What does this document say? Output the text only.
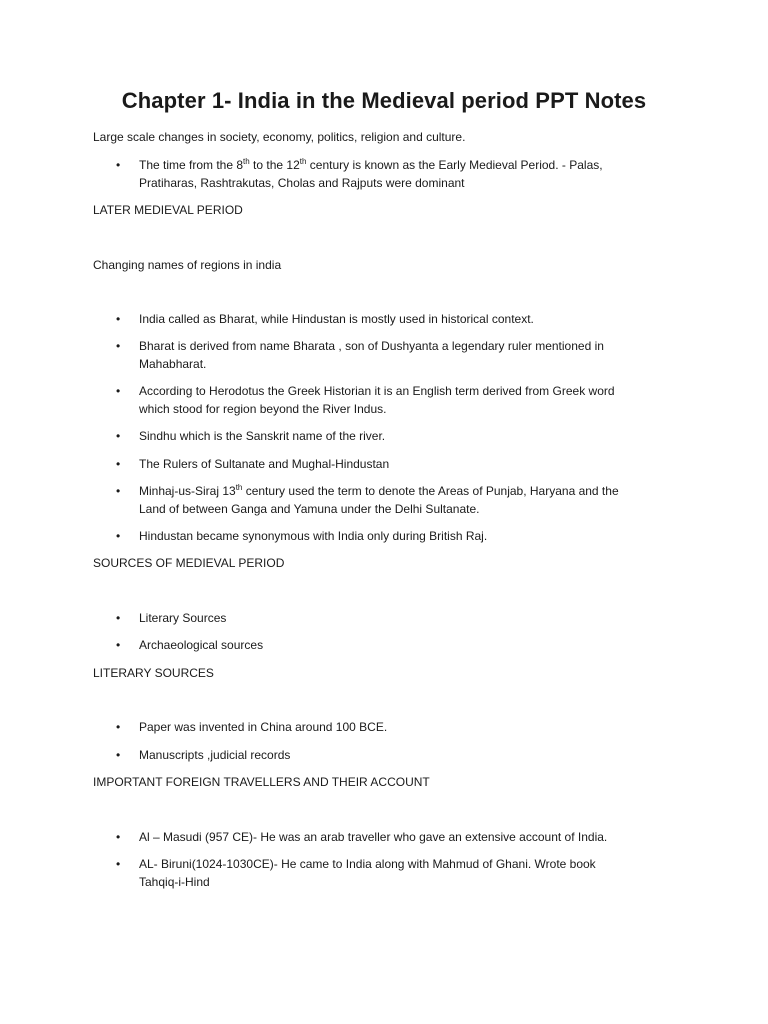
Chapter 1- India in the Medieval period PPT Notes

Large scale changes in society, economy, politics, religion and culture.

•	The time from the 8th to the 12th century is known as the Early Medieval Period. - Palas,
Pratiharas, Rashtrakutas, Cholas and Rajputs were dominant

LATER MEDIEVAL PERIOD

Changing names of regions in india

•	India called as Bharat, while Hindustan is mostly used in historical context.
•	Bharat is derived from name Bharata , son of Dushyanta a legendary ruler mentioned in
Mahabharat.
•	According to Herodotus the Greek Historian it is an English term derived from Greek word
which stood for region beyond the River Indus.
•	Sindhu which is the Sanskrit name of the river.
•	The Rulers of Sultanate and Mughal-Hindustan
•	Minhaj-us-Siraj 13th century used the term to denote the Areas of Punjab, Haryana and the
Land of between Ganga and Yamuna under the Delhi Sultanate.
•	Hindustan became synonymous with India only during British Raj.

SOURCES OF MEDIEVAL PERIOD

•	Literary Sources
•	Archaeological sources

LITERARY SOURCES

•	Paper was invented in China around 100 BCE.
•	Manuscripts ,judicial records

IMPORTANT FOREIGN TRAVELLERS AND THEIR ACCOUNT

•	Al – Masudi (957 CE)- He was an arab traveller who gave an extensive account of India.
•	AL- Biruni(1024-1030CE)- He came to India along with Mahmud of Ghani. Wrote book
Tahqiq-i-Hind
